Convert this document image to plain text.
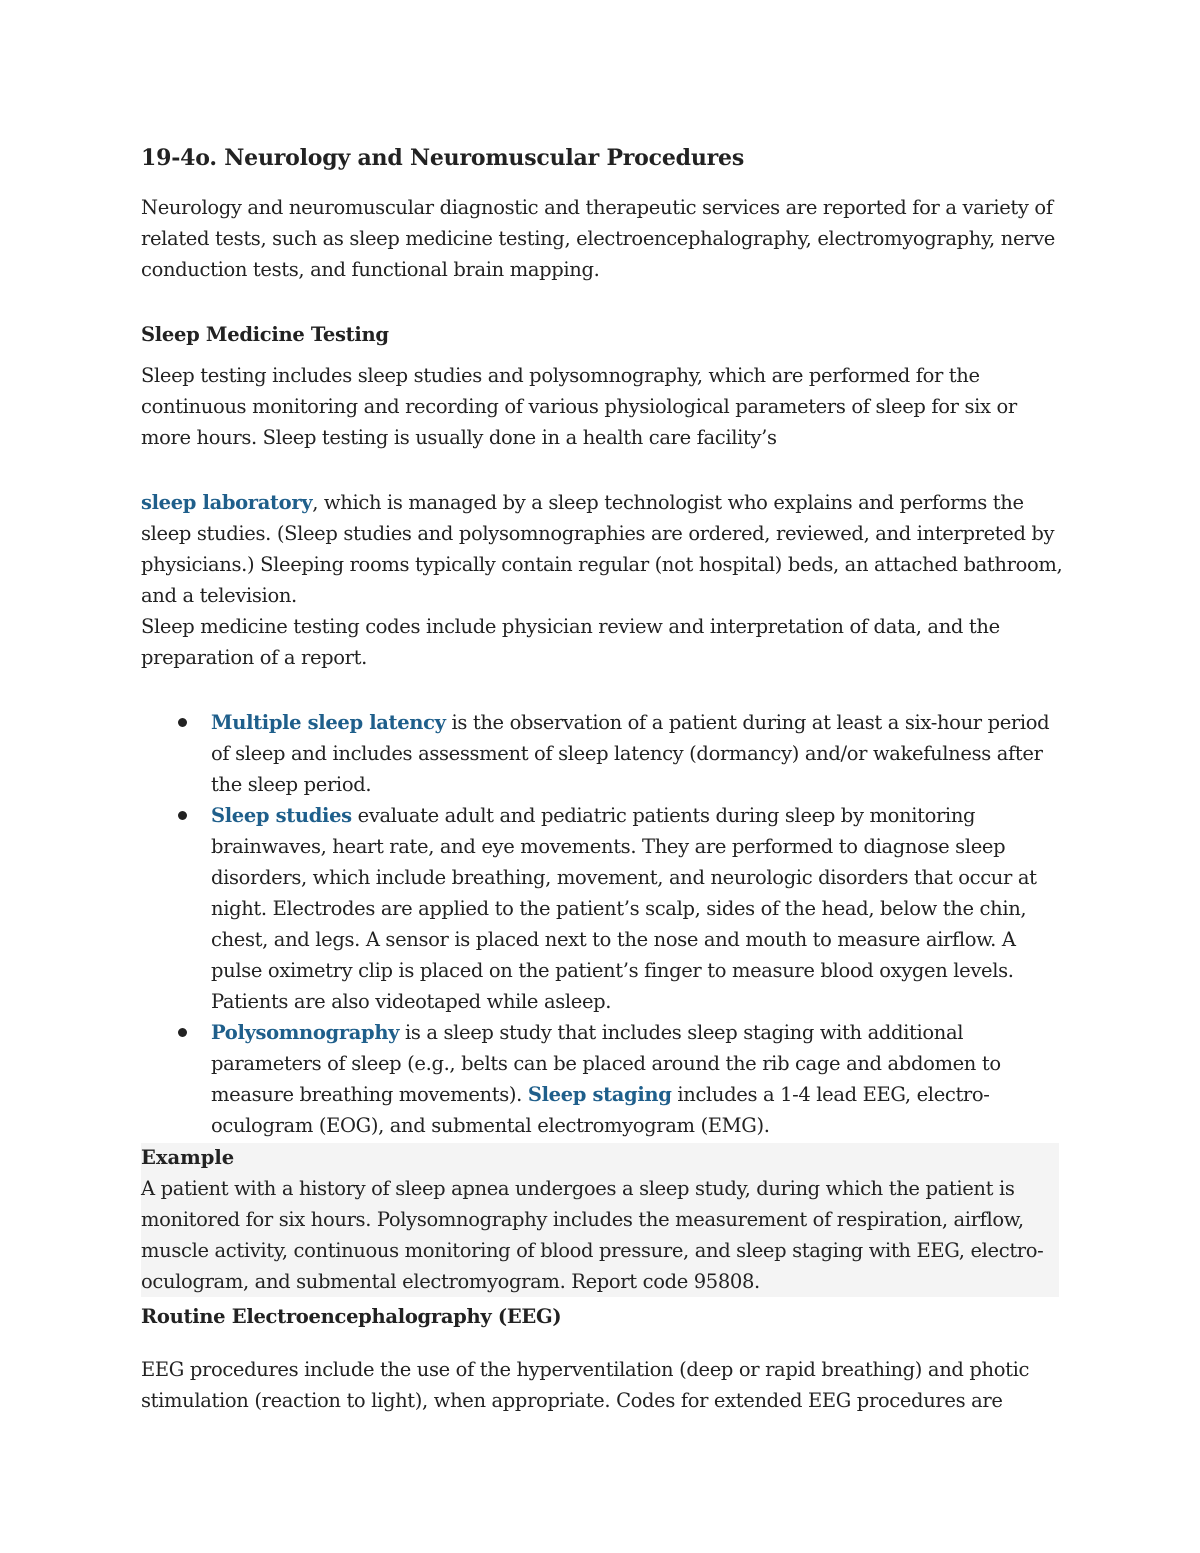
19-4o. Neurology and Neuromuscular Procedures

Neurology and neuromuscular diagnostic and therapeutic services are reported for a variety of related tests, such as sleep medicine testing, electroencephalography, electromyography, nerve conduction tests, and functional brain mapping.

Sleep Medicine Testing

Sleep testing includes sleep studies and polysomnography, which are performed for the continuous monitoring and recording of various physiological parameters of sleep for six or more hours. Sleep testing is usually done in a health care facility’s

sleep laboratory, which is managed by a sleep technologist who explains and performs the sleep studies. (Sleep studies and polysomnographies are ordered, reviewed, and interpreted by physicians.) Sleeping rooms typically contain regular (not hospital) beds, an attached bathroom, and a television.

Sleep medicine testing codes include physician review and interpretation of data, and the preparation of a report.

Multiple sleep latency is the observation of a patient during at least a six-hour period of sleep and includes assessment of sleep latency (dormancy) and/or wakefulness after the sleep period.
Sleep studies evaluate adult and pediatric patients during sleep by monitoring brainwaves, heart rate, and eye movements. They are performed to diagnose sleep disorders, which include breathing, movement, and neurologic disorders that occur at night. Electrodes are applied to the patient’s scalp, sides of the head, below the chin, chest, and legs. A sensor is placed next to the nose and mouth to measure airflow. A pulse oximetry clip is placed on the patient’s finger to measure blood oxygen levels. Patients are also videotaped while asleep.
Polysomnography is a sleep study that includes sleep staging with additional parameters of sleep (e.g., belts can be placed around the rib cage and abdomen to measure breathing movements). Sleep staging includes a 1-4 lead EEG, electro-oculogram (EOG), and submental electromyogram (EMG).
Example

A patient with a history of sleep apnea undergoes a sleep study, during which the patient is monitored for six hours. Polysomnography includes the measurement of respiration, airflow, muscle activity, continuous monitoring of blood pressure, and sleep staging with EEG, electro-oculogram, and submental electromyogram. Report code 95808.

Routine Electroencephalography (EEG)

EEG procedures include the use of the hyperventilation (deep or rapid breathing) and photic stimulation (reaction to light), when appropriate. Codes for extended EEG procedures are
